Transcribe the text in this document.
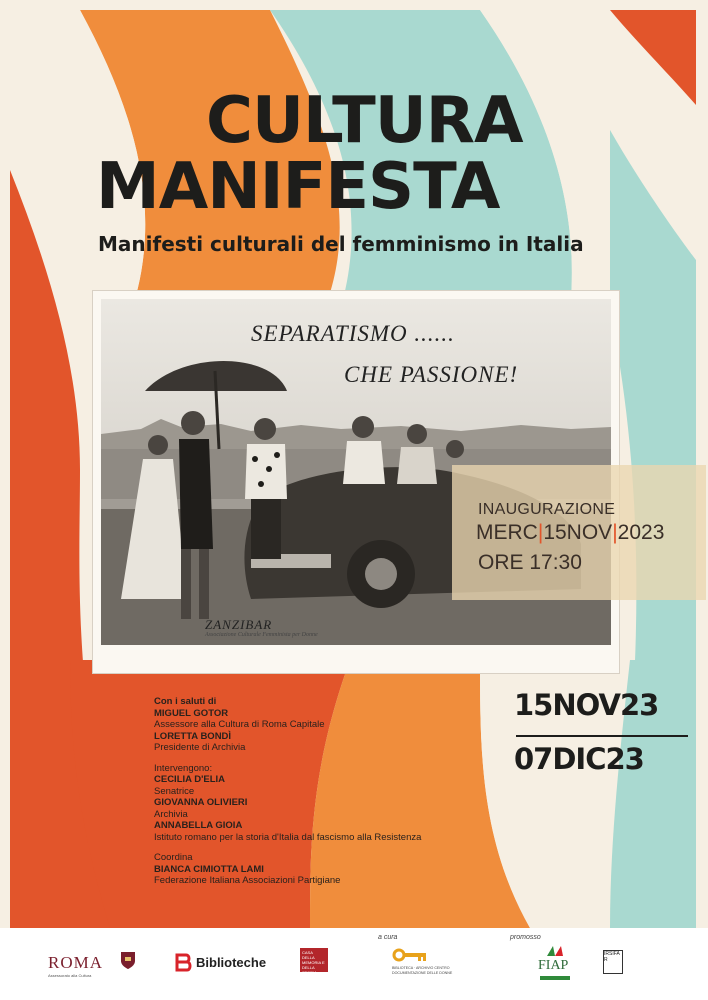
CULTURA
MANIFESTA
Manifesti culturali del femminismo in Italia
SEPARATISMO ......
CHE PASSIONE!
ZANZIBAR
Associazione Culturale Femminista per Donne
INAUGURAZIONE
MERC|15NOV|2023
ORE 17:30
15NOV23
07DIC23
Con i saluti di
MIGUEL GOTOR
Assessore alla Cultura di Roma Capitale
LORETTA BONDÌ
Presidente di Archivia
Intervengono:
CECILIA D'ELIA
Senatrice
GIOVANNA OLIVIERI
Archivia
ANNABELLA GIOIA
Istituto romano per la storia d'Italia dal fascismo alla Resistenza
Coordina
BIANCA CIMIOTTA LAMI
Federazione Italiana Associazioni Partigiane
ROMA
Assessorato alla Cultura
Biblioteche
CASA DELLA MEMORIA E DELLA STORIA
a cura
BIBLIOTECA · ARCHIVIO CENTRO DOCUMENTAZIONE DELLE DONNE
promosso
FIAP
IRSIFAR
